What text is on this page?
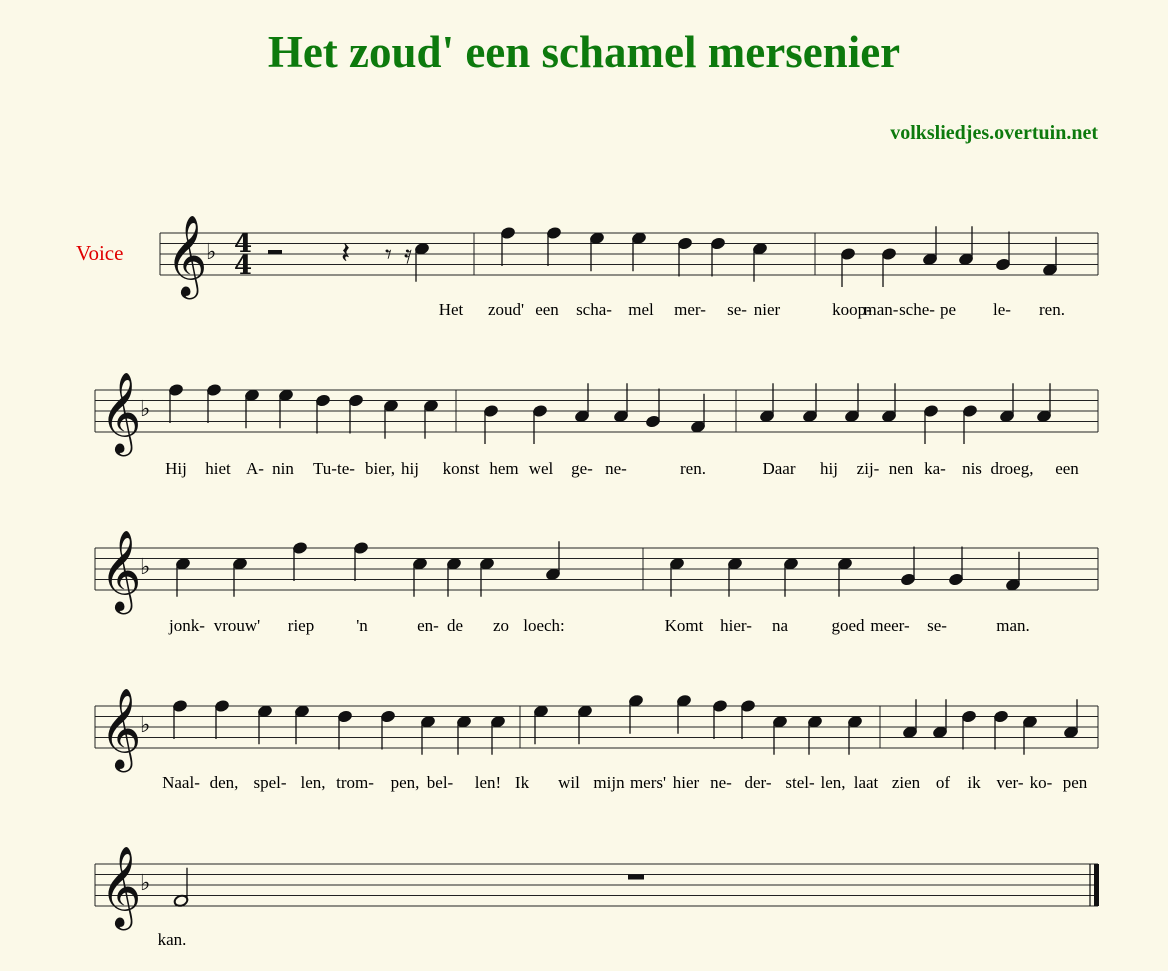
Het zoud' een schamel mersenier
volksliedjes.overtuin.net
Voice 𝄞
♭ 4
4	𝄽 𝄾 𝄿
𝄞
♭
𝄞
♭
𝄞
♭
𝄞
♭
Het zoud' een scha- mel mer- se- nier	koop-
man- sche- pe le- ren.
Hij hiet A- nin Tu- te- bier, hij konst hem wel ge- ne-	ren.	Daar hij zij- nen ka- nis droeg, een
jonk- vrouw' riep 'n	en- de zo loech:	Komt hier- na	goed meer- se-	man.
Naal- den, spel- len, trom- pen, bel- len! Ik wil mijn mers' hier ne- der- stel- len, laat zien of ik ver- ko- pen
kan.
